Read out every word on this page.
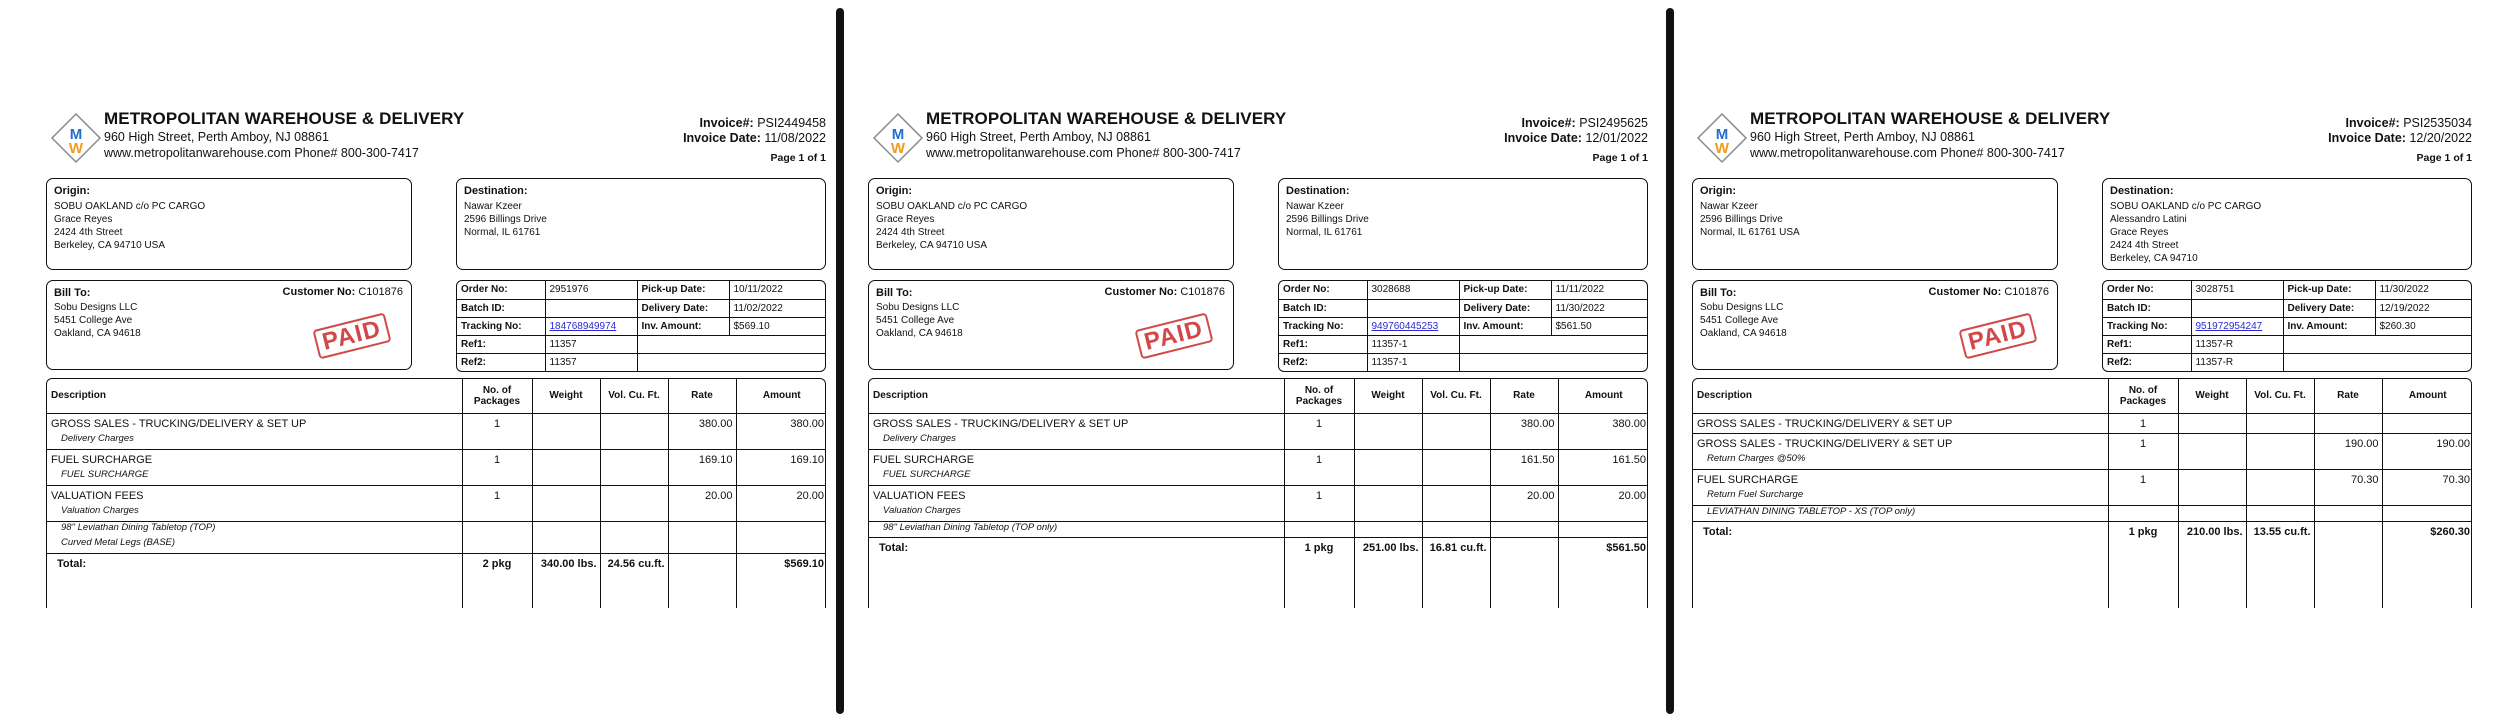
M
W
METROPOLITAN WAREHOUSE & DELIVERY
960 High Street, Perth Amboy, NJ 08861
www.metropolitanwarehouse.com Phone# 800-300-7417
Invoice#: PSI2449458
Invoice Date: 11/08/2022
Page 1 of 1
Origin:
SOBU OAKLAND c/o PC CARGO
Grace Reyes
2424 4th Street
Berkeley, CA 94710 USA
Destination:
Nawar Kzeer
2596 Billings Drive
Normal, IL 61761
Bill To:
Sobu Designs LLC
5451 College Ave
Oakland, CA 94618
Customer No: C101876
PAID
Order No:	2951976	Pick-up Date:	10/11/2022
Batch ID:		Delivery Date:	11/02/2022
Tracking No:	184768949974	Inv. Amount:	$569.10
Ref1:	11357		
Ref2:	11357		
Description	No. of Packages	Weight	Vol. Cu. Ft.	Rate	Amount
GROSS SALES - TRUCKING/DELIVERY & SET UP	1			380.00	380.00
Delivery Charges					
FUEL SURCHARGE	1			169.10	169.10
FUEL SURCHARGE					
VALUATION FEES	1			20.00	20.00
Valuation Charges					
98" Leviathan Dining Tabletop (TOP)					
Curved Metal Legs (BASE)					
Total:	2 pkg	340.00 lbs.	24.56 cu.ft.		$569.10

M
W
METROPOLITAN WAREHOUSE & DELIVERY
960 High Street, Perth Amboy, NJ 08861
www.metropolitanwarehouse.com Phone# 800-300-7417
Invoice#: PSI2495625
Invoice Date: 12/01/2022
Page 1 of 1
Origin:
SOBU OAKLAND c/o PC CARGO
Grace Reyes
2424 4th Street
Berkeley, CA 94710 USA
Destination:
Nawar Kzeer
2596 Billings Drive
Normal, IL 61761
Bill To:
Sobu Designs LLC
5451 College Ave
Oakland, CA 94618
Customer No: C101876
PAID
Order No:	3028688	Pick-up Date:	11/11/2022
Batch ID:		Delivery Date:	11/30/2022
Tracking No:	949760445253	Inv. Amount:	$561.50
Ref1:	11357-1		
Ref2:	11357-1		
Description	No. of Packages	Weight	Vol. Cu. Ft.	Rate	Amount
GROSS SALES - TRUCKING/DELIVERY & SET UP	1			380.00	380.00
Delivery Charges					
FUEL SURCHARGE	1			161.50	161.50
FUEL SURCHARGE					
VALUATION FEES	1			20.00	20.00
Valuation Charges					
98" Leviathan Dining Tabletop (TOP only)					
Total:	1 pkg	251.00 lbs.	16.81 cu.ft.		$561.50

M
W
METROPOLITAN WAREHOUSE & DELIVERY
960 High Street, Perth Amboy, NJ 08861
www.metropolitanwarehouse.com Phone# 800-300-7417
Invoice#: PSI2535034
Invoice Date: 12/20/2022
Page 1 of 1
Origin:
Nawar Kzeer
2596 Billings Drive
Normal, IL 61761 USA
Destination:
SOBU OAKLAND c/o PC CARGO
Alessandro Latini
Grace Reyes
2424 4th Street
Berkeley, CA 94710
Bill To:
Sobu Designs LLC
5451 College Ave
Oakland, CA 94618
Customer No: C101876
PAID
Order No:	3028751	Pick-up Date:	11/30/2022
Batch ID:		Delivery Date:	12/19/2022
Tracking No:	951972954247	Inv. Amount:	$260.30
Ref1:	11357-R		
Ref2:	11357-R		
Description	No. of Packages	Weight	Vol. Cu. Ft.	Rate	Amount
GROSS SALES - TRUCKING/DELIVERY & SET UP	1				
GROSS SALES - TRUCKING/DELIVERY & SET UP	1			190.00	190.00
Return Charges @50%					
FUEL SURCHARGE	1			70.30	70.30
Return Fuel Surcharge					
LEVIATHAN DINING TABLETOP - XS (TOP only)					
Total:	1 pkg	210.00 lbs.	13.55 cu.ft.		$260.30
